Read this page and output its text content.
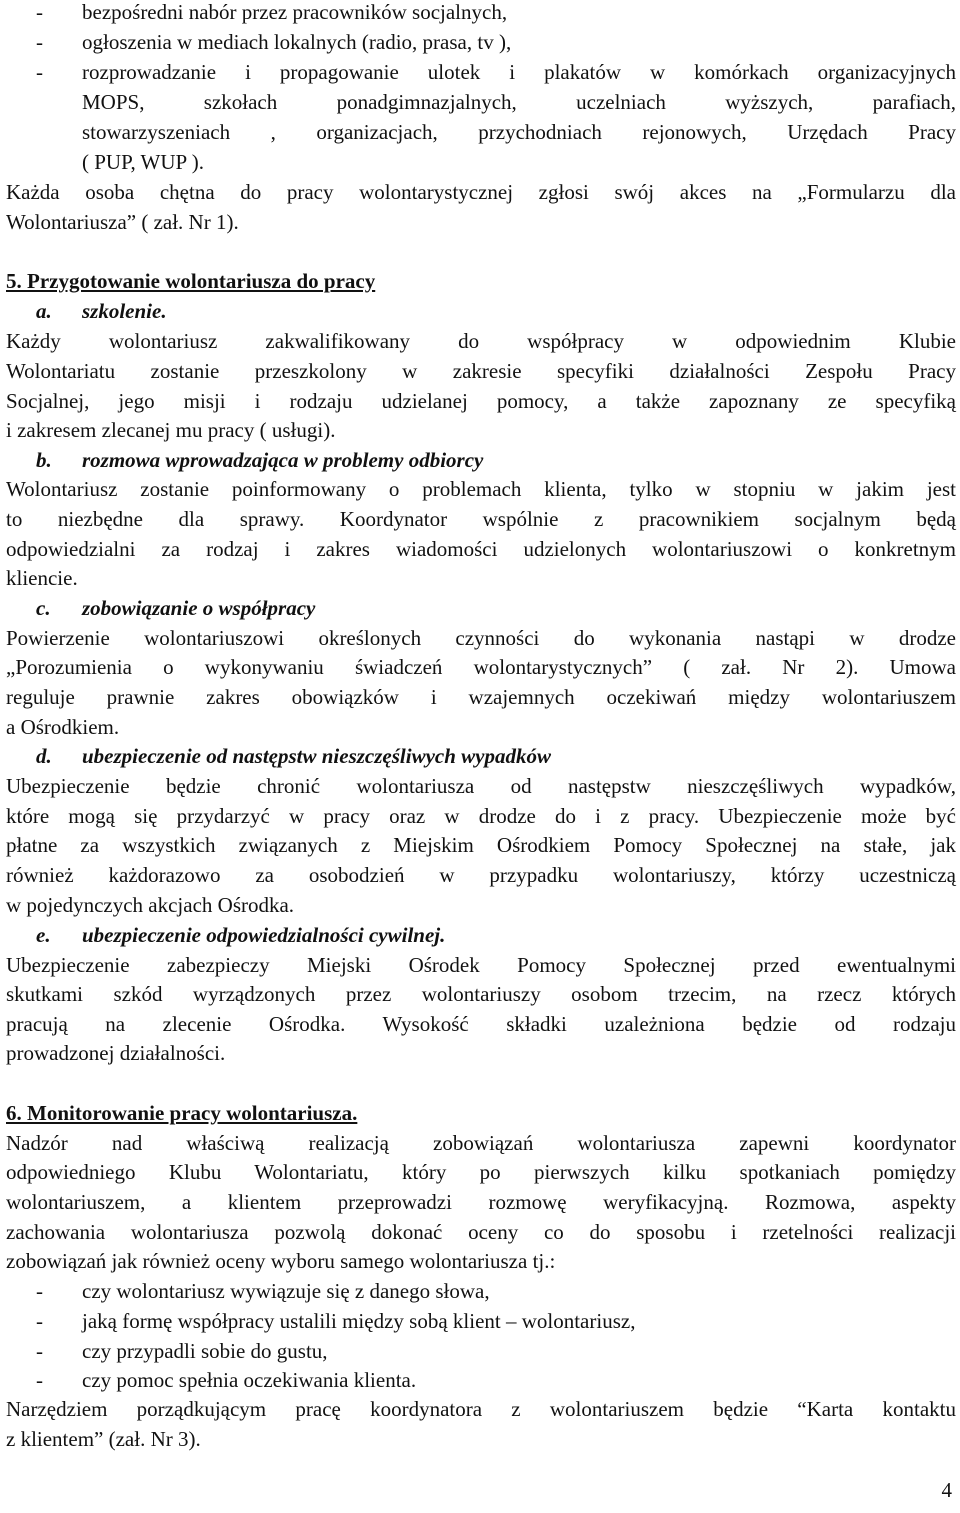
- bezpośredni nabór przez pracowników socjalnych,
- ogłoszenia w mediach lokalnych (radio, prasa, tv ),
- rozprowadzanie i propagowanie ulotek i plakatów w komórkach organizacyjnych
MOPS, szkołach ponadgimnazjalnych, uczelniach wyższych, parafiach,
stowarzyszeniach , organizacjach, przychodniach rejonowych, Urzędach Pracy
( PUP, WUP ).
Każda osoba chętna do pracy wolontarystycznej zgłosi swój akces na „Formularzu dla
Wolontariusza” ( zał. Nr 1).
5. Przygotowanie wolontariusza do pracy
a. szkolenie.
Każdy wolontariusz zakwalifikowany do współpracy w odpowiednim Klubie
Wolontariatu zostanie przeszkolony w zakresie specyfiki działalności Zespołu Pracy
Socjalnej, jego misji i rodzaju udzielanej pomocy, a także zapoznany ze specyfiką
i zakresem zlecanej mu pracy ( usługi).
b. rozmowa wprowadzająca w problemy odbiorcy
Wolontariusz zostanie poinformowany o problemach klienta, tylko w stopniu w jakim jest
to niezbędne dla sprawy. Koordynator wspólnie z pracownikiem socjalnym będą
odpowiedzialni za rodzaj i zakres wiadomości udzielonych wolontariuszowi o konkretnym
kliencie.
c. zobowiązanie o współpracy
Powierzenie wolontariuszowi określonych czynności do wykonania nastąpi w drodze
„Porozumienia o wykonywaniu świadczeń wolontarystycznych” ( zał. Nr 2). Umowa
reguluje prawnie zakres obowiązków i wzajemnych oczekiwań między wolontariuszem
a Ośrodkiem.
d. ubezpieczenie od następstw nieszczęśliwych wypadków
Ubezpieczenie będzie chronić wolontariusza od następstw nieszczęśliwych wypadków,
które mogą się przydarzyć w pracy oraz w drodze do i z pracy. Ubezpieczenie może być
płatne za wszystkich związanych z Miejskim Ośrodkiem Pomocy Społecznej na stałe, jak
również każdorazowo za osobodzień w przypadku wolontariuszy, którzy uczestniczą
w pojedynczych akcjach Ośrodka.
e. ubezpieczenie odpowiedzialności cywilnej.
Ubezpieczenie zabezpieczy Miejski Ośrodek Pomocy Społecznej przed ewentualnymi
skutkami szkód wyrządzonych przez wolontariuszy osobom trzecim, na rzecz których
pracują na zlecenie Ośrodka. Wysokość składki uzależniona będzie od rodzaju
prowadzonej działalności.
6. Monitorowanie pracy wolontariusza.
Nadzór nad właściwą realizacją zobowiązań wolontariusza zapewni koordynator
odpowiedniego Klubu Wolontariatu, który po pierwszych kilku spotkaniach pomiędzy
wolontariuszem, a klientem przeprowadzi rozmowę weryfikacyjną. Rozmowa, aspekty
zachowania wolontariusza pozwolą dokonać oceny co do sposobu i rzetelności realizacji
zobowiązań jak również oceny wyboru samego wolontariusza tj.:
- czy wolontariusz wywiązuje się z danego słowa,
- jaką formę współpracy ustalili między sobą klient – wolontariusz,
- czy przypadli sobie do gustu,
- czy pomoc spełnia oczekiwania klienta.
Narzędziem porządkującym pracę koordynatora z wolontariuszem będzie “Karta kontaktu
z klientem” (zał. Nr 3).
4
